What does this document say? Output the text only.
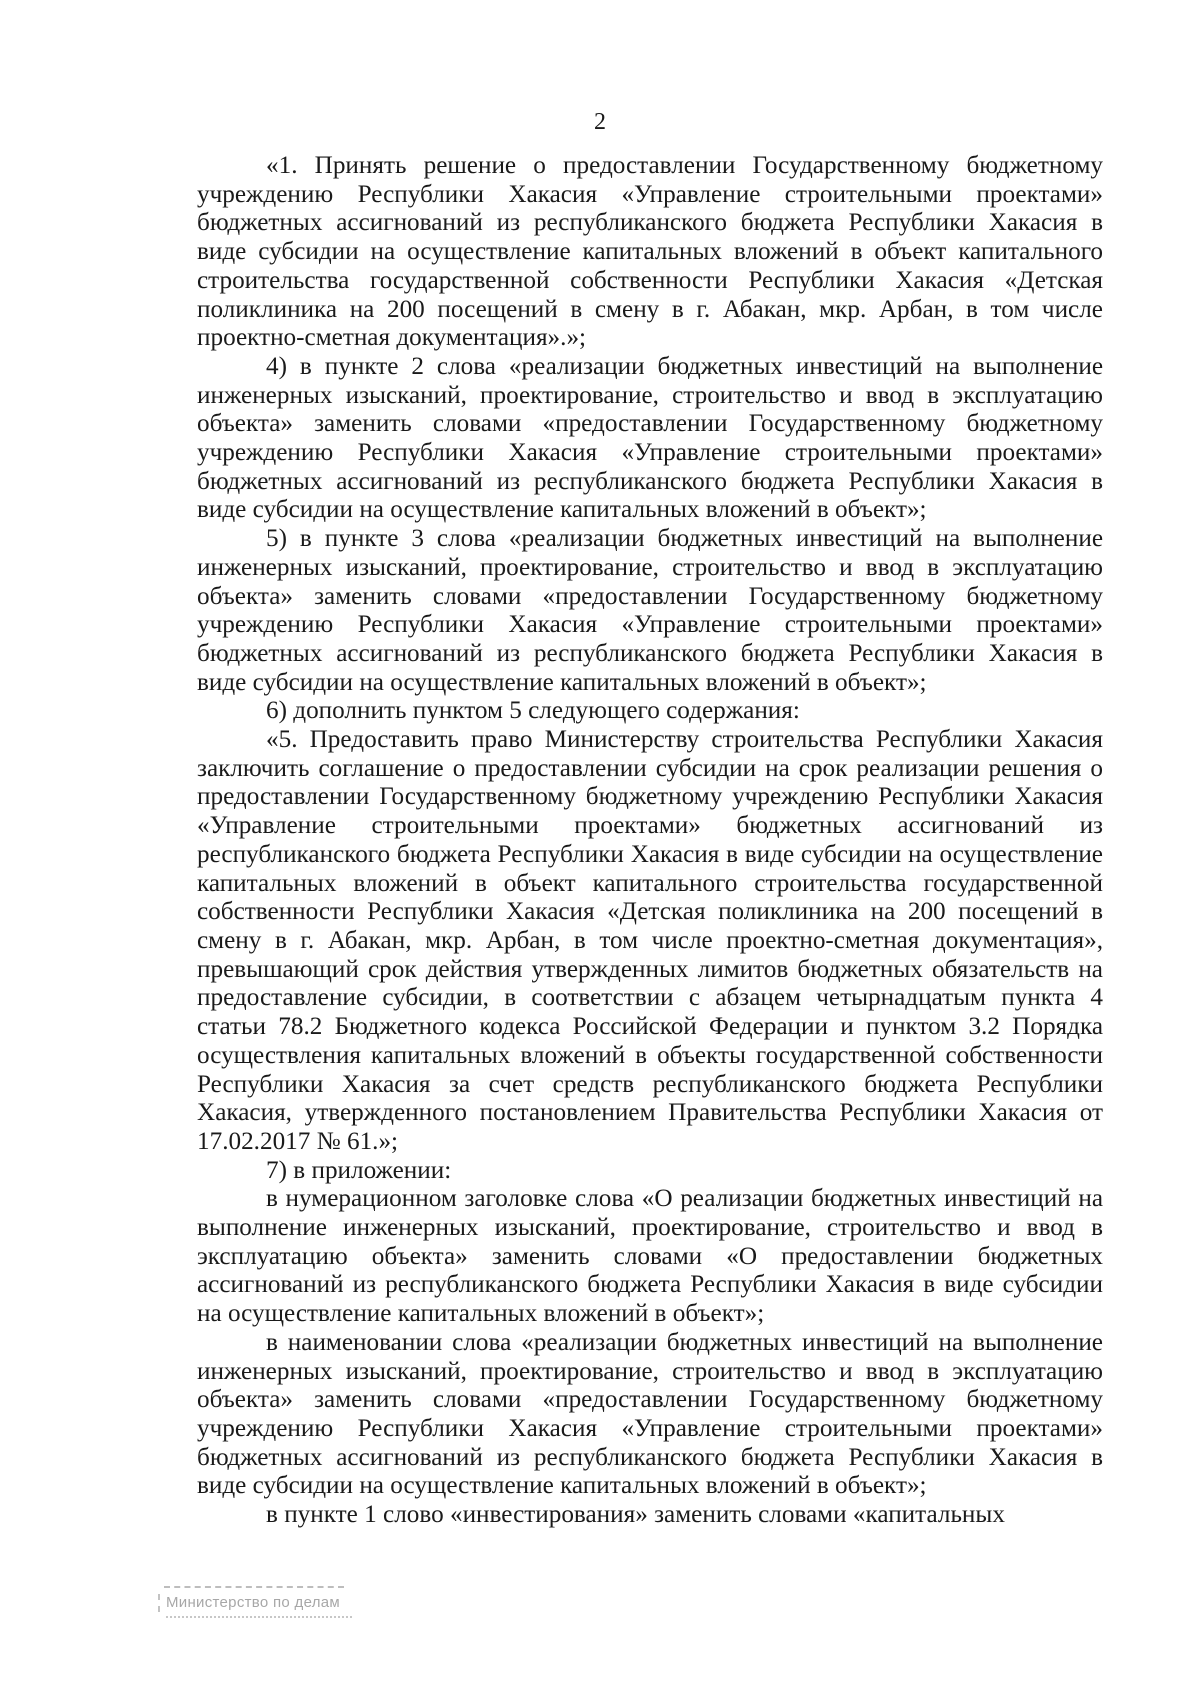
2

«1. Принять решение о предоставлении Государственному бюджетному учреждению Республики Хакасия «Управление строительными проектами» бюджетных ассигнований из республиканского бюджета Республики Хакасия в виде субсидии на осуществление капитальных вложений в объект капитального строительства государственной собственности Республики Хакасия «Детская поликлиника на 200 посещений в смену в г. Абакан, мкр. Арбан, в том числе проектно-сметная документация».»;

4) в пункте 2 слова «реализации бюджетных инвестиций на выполнение инженерных изысканий, проектирование, строительство и ввод в эксплуатацию объекта» заменить словами «предоставлении Государственному бюджетному учреждению Республики Хакасия «Управление строительными проектами» бюджетных ассигнований из республиканского бюджета Республики Хакасия в виде субсидии на осуществление капитальных вложений в объект»;

5) в пункте 3 слова «реализации бюджетных инвестиций на выполнение инженерных изысканий, проектирование, строительство и ввод в эксплуатацию объекта» заменить словами «предоставлении Государственному бюджетному учреждению Республики Хакасия «Управление строительными проектами» бюджетных ассигнований из республиканского бюджета Республики Хакасия в виде субсидии на осуществление капитальных вложений в объект»;

6) дополнить пунктом 5 следующего содержания:

«5. Предоставить право Министерству строительства Республики Хакасия заключить соглашение о предоставлении субсидии на срок реализации решения о предоставлении Государственному бюджетному учреждению Республики Хакасия «Управление строительными проектами» бюджетных ассигнований из республиканского бюджета Республики Хакасия в виде субсидии на осуществление капитальных вложений в объект капитального строительства государственной собственности Республики Хакасия «Детская поликлиника на 200 посещений в смену в г. Абакан, мкр. Арбан, в том числе проектно-сметная документация», превышающий срок действия утвержденных лимитов бюджетных обязательств на предоставление субсидии, в соответствии с абзацем четырнадцатым пункта 4 статьи 78.2 Бюджетного кодекса Российской Федерации и пунктом 3.2 Порядка осуществления капитальных вложений в объекты государственной собственности Республики Хакасия за счет средств республиканского бюджета Республики Хакасия, утвержденного постановлением Правительства Республики Хакасия от 17.02.2017 № 61.»;

7) в приложении:

в нумерационном заголовке слова «О реализации бюджетных инвестиций на выполнение инженерных изысканий, проектирование, строительство и ввод в эксплуатацию объекта» заменить словами «О предоставлении бюджетных ассигнований из республиканского бюджета Республики Хакасия в виде субсидии на осуществление капитальных вложений в объект»;

в наименовании слова «реализации бюджетных инвестиций на выполнение инженерных изысканий, проектирование, строительство и ввод в эксплуатацию объекта» заменить словами «предоставлении Государственному бюджетному учреждению Республики Хакасия «Управление строительными проектами» бюджетных ассигнований из республиканского бюджета Республики Хакасия в виде субсидии на осуществление капитальных вложений в объект»;

в пункте 1 слово «инвестирования» заменить словами «капитальных

Министерство по делам
